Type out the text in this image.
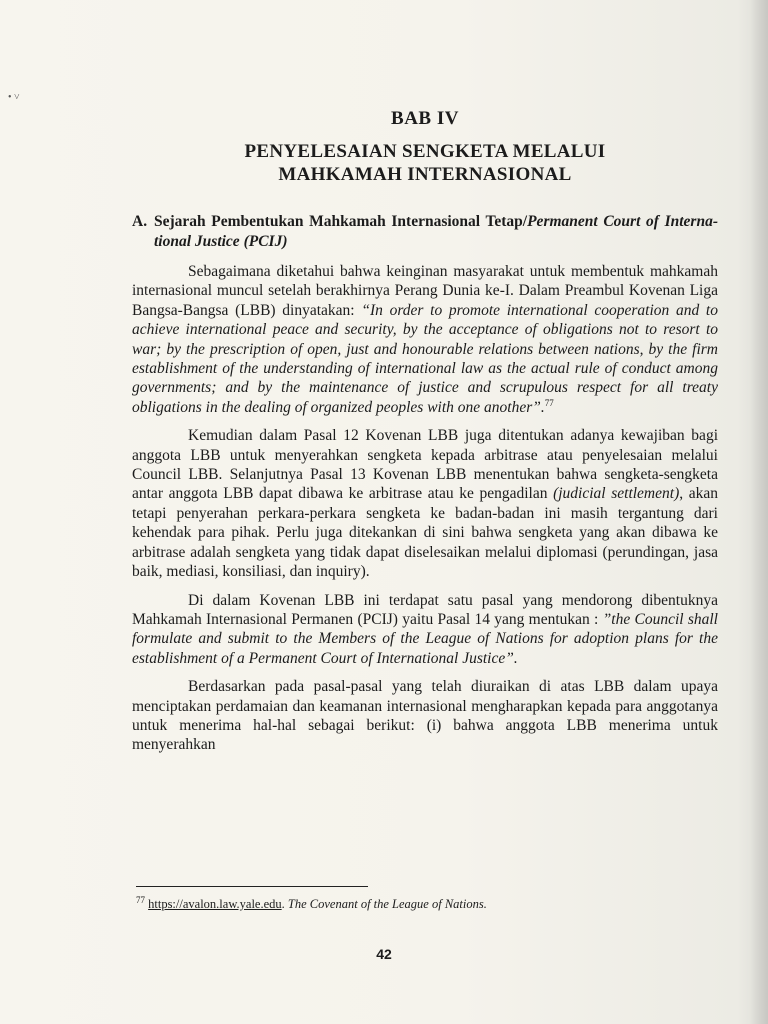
• ˅
BAB IV
PENYELESAIAN SENGKETA MELALUI
MAHKAMAH INTERNASIONAL
A. Sejarah Pembentukan Mahkamah Internasional Tetap/Permanent Court of Interna-tional Justice (PCIJ)

Sebagaimana diketahui bahwa keinginan masyarakat untuk membentuk mahkamah internasional muncul setelah berakhirnya Perang Dunia ke-I. Dalam Preambul Kovenan Liga Bangsa-Bangsa (LBB) dinyatakan: “In order to promote international cooperation and to achieve international peace and security, by the acceptance of obligations not to resort to war; by the prescription of open, just and honourable relations between nations, by the firm establishment of the understanding of international law as the actual rule of conduct among governments; and by the maintenance of justice and scrupulous respect for all treaty obligations in the dealing of organized peoples with one another”.$^{77}$

Kemudian dalam Pasal 12 Kovenan LBB juga ditentukan adanya kewajiban bagi anggota LBB untuk menyerahkan sengketa kepada arbitrase atau penyelesaian melalui Council LBB. Selanjutnya Pasal 13 Kovenan LBB menentukan bahwa sengketa-sengketa antar anggota LBB dapat dibawa ke arbitrase atau ke pengadilan (judicial settlement), akan tetapi penyerahan perkara-perkara sengketa ke badan-badan ini masih tergantung dari kehendak para pihak. Perlu juga ditekankan di sini bahwa sengketa yang akan dibawa ke arbitrase adalah sengketa yang tidak dapat diselesaikan melalui diplomasi (perundingan, jasa baik, mediasi, konsiliasi, dan inquiry).

Di dalam Kovenan LBB ini terdapat satu pasal yang mendorong dibentuknya Mahkamah Internasional Permanen (PCIJ) yaitu Pasal 14 yang mentukan : ”the Council shall formulate and submit to the Members of the League of Nations for adoption plans for the establishment of a Permanent Court of International Justice”.

Berdasarkan pada pasal-pasal yang telah diuraikan di atas LBB dalam upaya menciptakan perdamaian dan keamanan internasional mengharapkan kepada para anggotanya untuk menerima hal-hal sebagai berikut: (i) bahwa anggota LBB menerima untuk menyerahkan

$^{77}$ https://avalon.law.yale.edu. The Covenant of the League of Nations.
42
